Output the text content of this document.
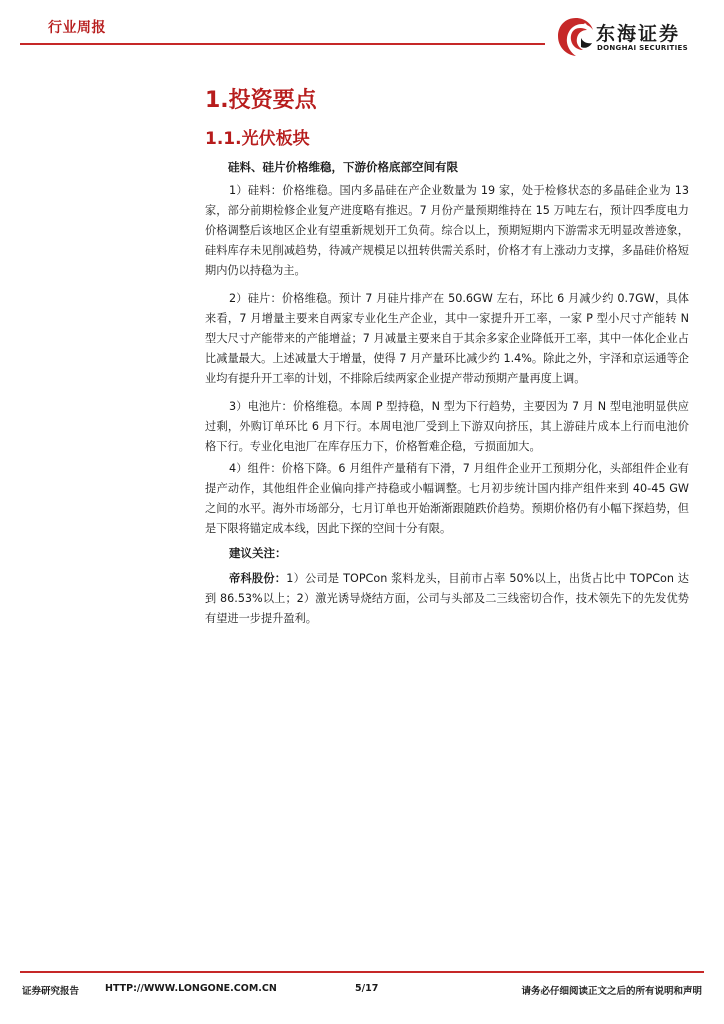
行业周报	东海证券
DONGHAI SECURITIES
1.投资要点
1.1.光伏板块
硅料、硅片价格维稳，下游价格底部空间有限

1）硅料：价格维稳。国内多晶硅在产企业数量为 19 家，处于检修状态的多晶硅企业为 13 家，部分前期检修企业复产进度略有推迟。7 月份产量预期维持在 15 万吨左右，预计四季度电力价格调整后该地区企业有望重新规划开工负荷。综合以上，预期短期内下游需求无明显改善迹象，硅料库存未见削减趋势，待减产规模足以扭转供需关系时，价格才有上涨动力支撑，多晶硅价格短期内仍以持稳为主。

2）硅片：价格维稳。预计 7 月硅片排产在 50.6GW 左右，环比 6 月减少约 0.7GW，具体来看，7 月增量主要来自两家专业化生产企业，其中一家提升开工率，一家 P 型小尺寸产能转 N 型大尺寸产能带来的产能增益；7 月减量主要来自于其余多家企业降低开工率，其中一体化企业占比减量最大。上述减量大于增量，使得 7 月产量环比减少约 1.4%。除此之外，宇泽和京运通等企业均有提升开工率的计划，不排除后续两家企业提产带动预期产量再度上调。

3）电池片：价格维稳。本周 P 型持稳，N 型为下行趋势，主要因为 7 月 N 型电池明显供应过剩，外购订单环比 6 月下行。本周电池厂受到上下游双向挤压，其上游硅片成本上行而电池价格下行。专业化电池厂在库存压力下，价格暂难企稳，亏损面加大。

4）组件：价格下降。6 月组件产量稍有下滑，7 月组件企业开工预期分化，头部组件企业有提产动作，其他组件企业偏向排产持稳或小幅调整。七月初步统计国内排产组件来到 40-45 GW 之间的水平。海外市场部分，七月订单也开始渐渐跟随跌价趋势。预期价格仍有小幅下探趋势，但是下限将锚定成本线，因此下探的空间十分有限。

建议关注：

帝科股份：1）公司是 TOPCon 浆料龙头，目前市占率 50%以上，出货占比中 TOPCon 达到 86.53%以上；2）激光诱导烧结方面，公司与头部及二三线密切合作，技术领先下的先发优势有望进一步提升盈利。

证券研究报告	HTTP://WWW.LONGONE.COM.CN	5/17	请务必仔细阅读正文之后的所有说明和声明
